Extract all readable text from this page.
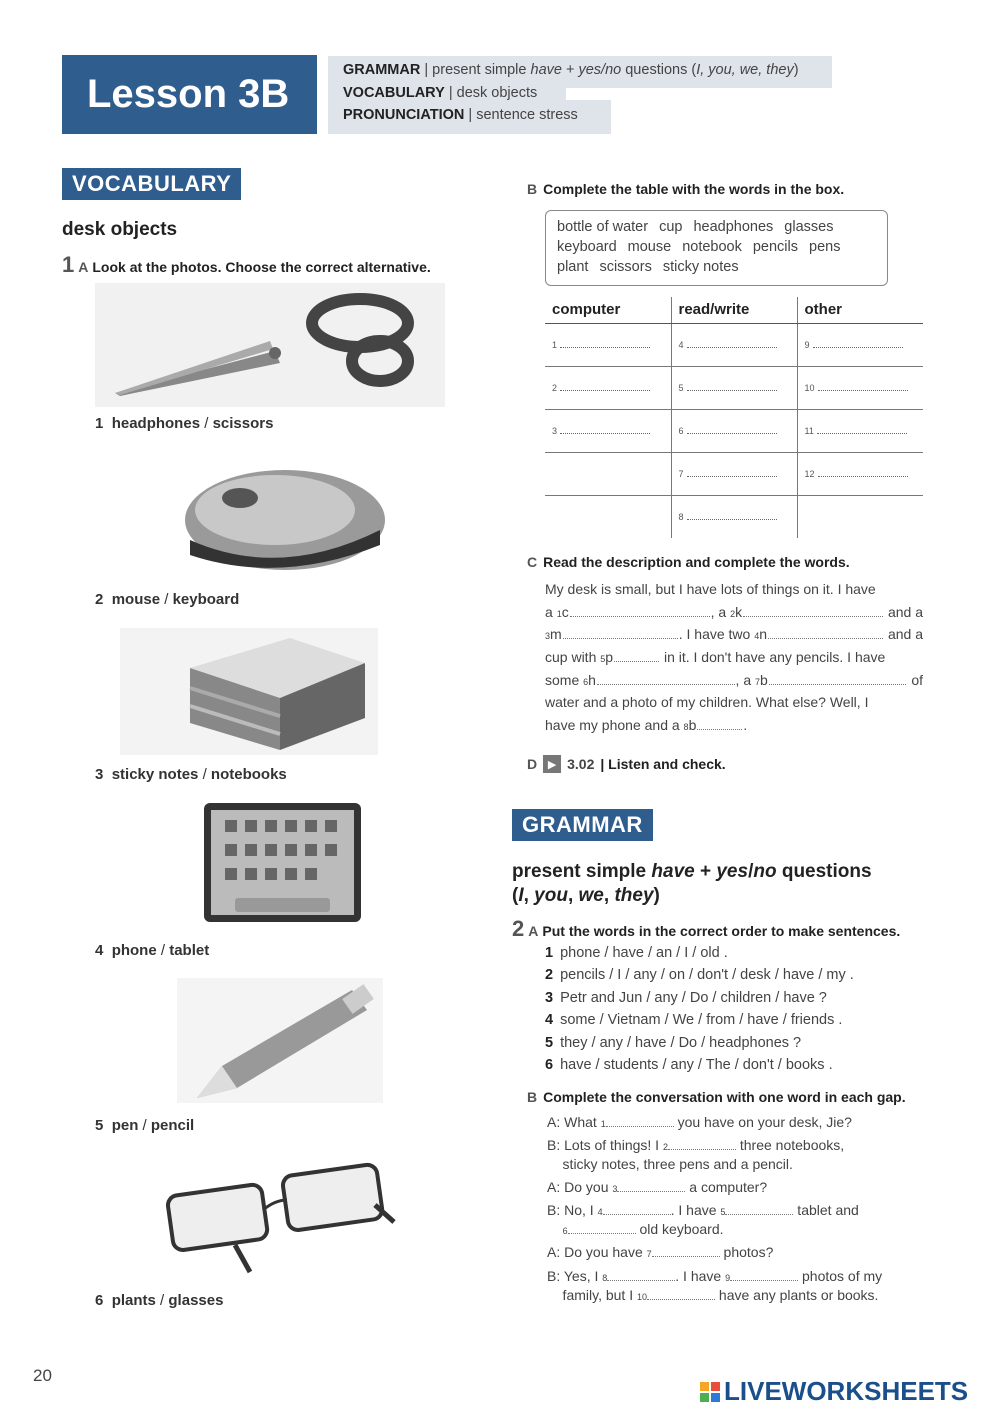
Lesson 3B
GRAMMAR | present simple have + yes/no questions (I, you, we, they)
VOCABULARY | desk objects
PRONUNCIATION | sentence stress
VOCABULARY
desk objects
1 A Look at the photos. Choose the correct alternative.
1 headphones / scissors
2 mouse / keyboard
3 sticky notes / notebooks
4 phone / tablet
5 pen / pencil
6 plants / glasses
B Complete the table with the words in the box.
bottle of water cup headphones glasseskeyboard mouse notebook pencils pensplant scissors sticky notes
computer	read/write	other
1	4	9
2	5	10
3	6	11
	7	12
	8	
C Read the description and complete the words.
My desk is small, but I have lots of things on it. I have
a 1 c	, a 2 k	and a
3 m	. I have two 4 n	and a
cup with 5 p	in it. I don't have any pencils. I have
some 6 h	, a 7 b	of
water and a photo of my children. What else? Well, I
have my phone and a 8 b	.
D ▶ 3.02 | Listen and check.
GRAMMAR
present simple have + yes/no questions
(I, you, we, they)
2 A Put the words in the correct order to make sentences.
1 phone / have / an / I / old .
2 pencils / I / any / on / don't / desk / have / my .
3 Petr and Jun / any / Do / children / have ?
4 some / Vietnam / We / from / have / friends .
5 they / any / have / Do / headphones ?
6 have / students / any / The / don't / books .
B Complete the conversation with one word in each gap.
A: What 1	you have on your desk, Jie?
B: Lots of things! I 2	three notebooks,
sticky notes, three pens and a pencil.
A: Do you 3	a computer?
B: No, I 4	. I have 5	tablet and

6	old keyboard.
A: Do you have 7	photos?
B: Yes, I 8	. I have 9	photos of my
family, but I 10	have any plants or books.
20
LIVEWORKSHEETS
